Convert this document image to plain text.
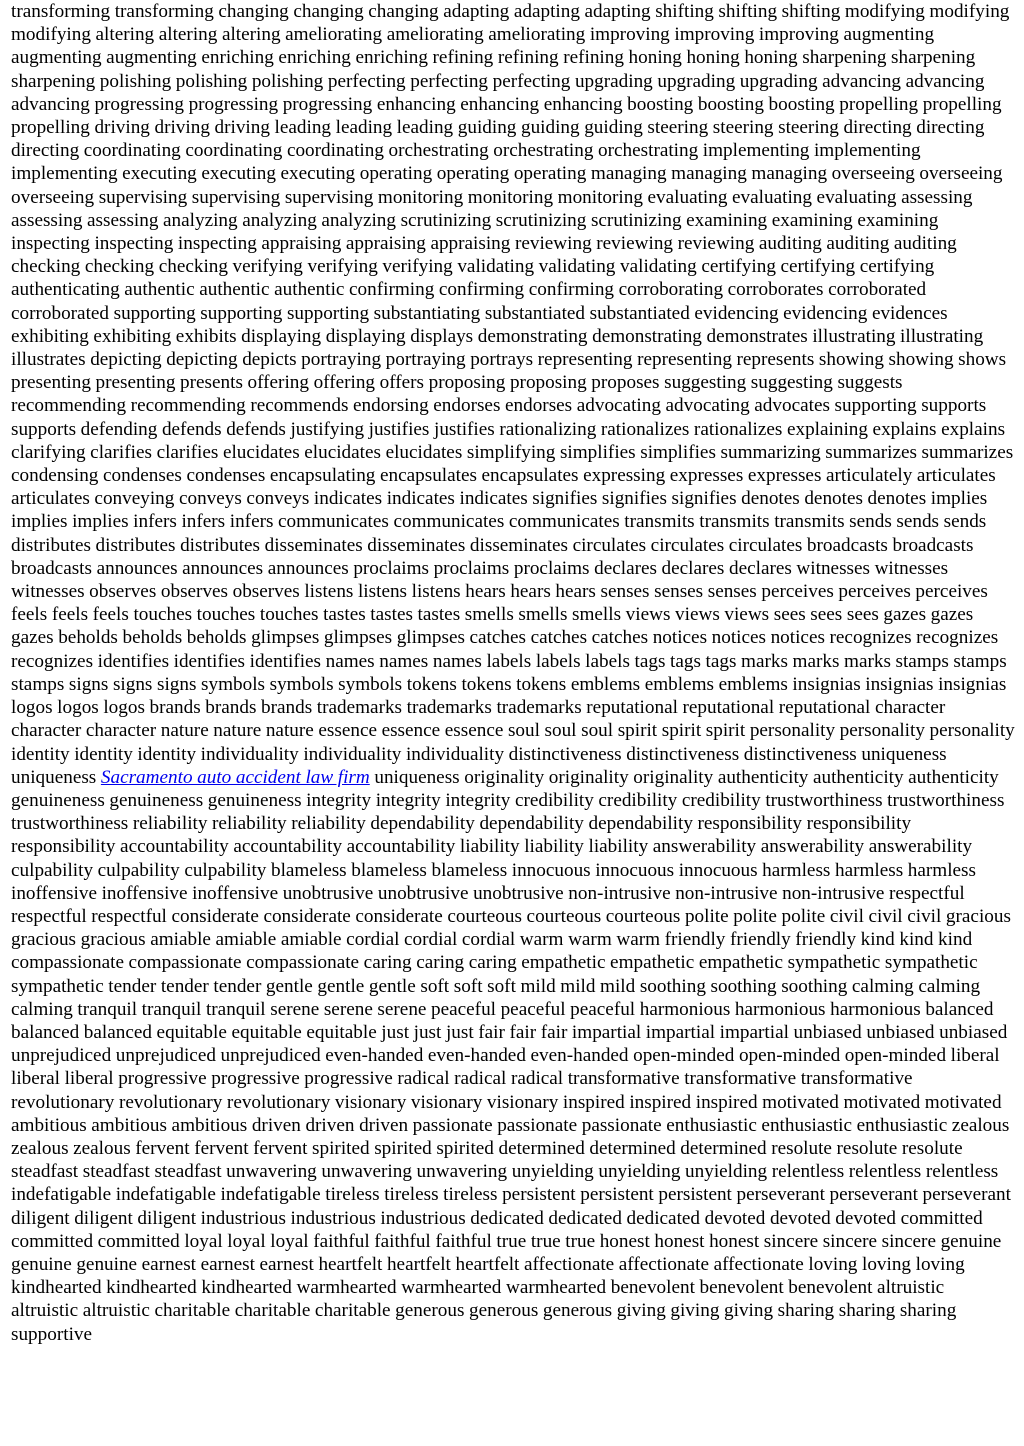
transforming transforming changing changing changing adapting adapting adapting shifting shifting shifting modifying modifying modifying altering altering altering ameliorating ameliorating ameliorating improving improving improving augmenting augmenting augmenting enriching enriching enriching refining refining refining honing honing honing sharpening sharpening sharpening polishing polishing polishing perfecting perfecting perfecting upgrading upgrading upgrading advancing advancing advancing progressing progressing progressing enhancing enhancing enhancing boosting boosting boosting propelling propelling propelling driving driving driving leading leading leading guiding guiding guiding steering steering steering directing directing directing coordinating coordinating coordinating orchestrating orchestrating orchestrating implementing implementing implementing executing executing executing operating operating operating managing managing managing overseeing overseeing overseeing supervising supervising supervising monitoring monitoring monitoring evaluating evaluating evaluating assessing assessing assessing analyzing analyzing analyzing scrutinizing scrutinizing scrutinizing examining examining examining inspecting inspecting inspecting appraising appraising appraising reviewing reviewing reviewing auditing auditing auditing checking checking checking verifying verifying verifying validating validating validating certifying certifying certifying authenticating authentic authentic authentic confirming confirming confirming corroborating corroborates corroborated corroborated supporting supporting supporting substantiating substantiated substantiated evidencing evidencing evidences exhibiting exhibiting exhibits displaying displaying displays demonstrating demonstrating demonstrates illustrating illustrating illustrates depicting depicting depicts portraying portraying portrays representing representing represents showing showing shows presenting presenting presents offering offering offers proposing proposing proposes suggesting suggesting suggests recommending recommending recommends endorsing endorses endorses advocating advocating advocates supporting supports supports defending defends defends justifying justifies justifies rationalizing rationalizes rationalizes explaining explains explains clarifying clarifies clarifies elucidates elucidates elucidates simplifying simplifies simplifies summarizing summarizes summarizes condensing condenses condenses encapsulating encapsulates encapsulates expressing expresses expresses articulately articulates articulates conveying conveys conveys indicates indicates indicates signifies signifies signifies denotes denotes denotes implies implies implies infers infers infers communicates communicates communicates transmits transmits transmits sends sends sends distributes distributes distributes disseminates disseminates disseminates circulates circulates circulates broadcasts broadcasts broadcasts announces announces announces proclaims proclaims proclaims declares declares declares witnesses witnesses witnesses observes observes observes listens listens listens hears hears hears senses senses senses perceives perceives perceives feels feels feels touches touches touches tastes tastes tastes smells smells smells views views views sees sees sees gazes gazes gazes beholds beholds beholds glimpses glimpses glimpses catches catches catches notices notices notices recognizes recognizes recognizes identifies identifies identifies names names names labels labels labels tags tags tags marks marks marks stamps stamps stamps signs signs signs symbols symbols symbols tokens tokens tokens emblems emblems emblems insignias insignias insignias logos logos logos brands brands brands trademarks trademarks trademarks reputational reputational reputational character character character nature nature nature essence essence essence soul soul soul spirit spirit spirit personality personality personality identity identity identity individuality individuality individuality distinctiveness distinctiveness distinctiveness uniqueness uniqueness Sacramento auto accident law firm uniqueness originality originality originality authenticity authenticity authenticity genuineness genuineness genuineness integrity integrity integrity credibility credibility credibility trustworthiness trustworthiness trustworthiness reliability reliability reliability dependability dependability dependability responsibility responsibility responsibility accountability accountability accountability liability liability liability answerability answerability answerability culpability culpability culpability blameless blameless blameless innocuous innocuous innocuous harmless harmless harmless inoffensive inoffensive inoffensive unobtrusive unobtrusive unobtrusive non-intrusive non-intrusive non-intrusive respectful respectful respectful considerate considerate considerate courteous courteous courteous polite polite polite civil civil civil gracious gracious gracious amiable amiable amiable cordial cordial cordial warm warm warm friendly friendly friendly kind kind kind compassionate compassionate compassionate caring caring caring empathetic empathetic empathetic sympathetic sympathetic sympathetic tender tender tender gentle gentle gentle soft soft soft mild mild mild soothing soothing soothing calming calming calming tranquil tranquil tranquil serene serene serene peaceful peaceful peaceful harmonious harmonious harmonious balanced balanced balanced equitable equitable equitable just just just fair fair fair impartial impartial impartial unbiased unbiased unbiased unprejudiced unprejudiced unprejudiced even-handed even-handed even-handed open-minded open-minded open-minded liberal liberal liberal progressive progressive progressive radical radical radical transformative transformative transformative revolutionary revolutionary revolutionary visionary visionary visionary inspired inspired inspired motivated motivated motivated ambitious ambitious ambitious driven driven driven passionate passionate passionate enthusiastic enthusiastic enthusiastic zealous zealous zealous fervent fervent fervent spirited spirited spirited determined determined determined resolute resolute resolute steadfast steadfast steadfast unwavering unwavering unwavering unyielding unyielding unyielding relentless relentless relentless indefatigable indefatigable indefatigable tireless tireless tireless persistent persistent persistent perseverant perseverant perseverant diligent diligent diligent industrious industrious industrious dedicated dedicated dedicated devoted devoted devoted committed committed committed loyal loyal loyal faithful faithful faithful true true true honest honest honest sincere sincere sincere genuine genuine genuine earnest earnest earnest heartfelt heartfelt heartfelt affectionate affectionate affectionate loving loving loving kindhearted kindhearted kindhearted warmhearted warmhearted warmhearted benevolent benevolent benevolent altruistic altruistic altruistic charitable charitable charitable generous generous generous giving giving giving sharing sharing sharing supportive
